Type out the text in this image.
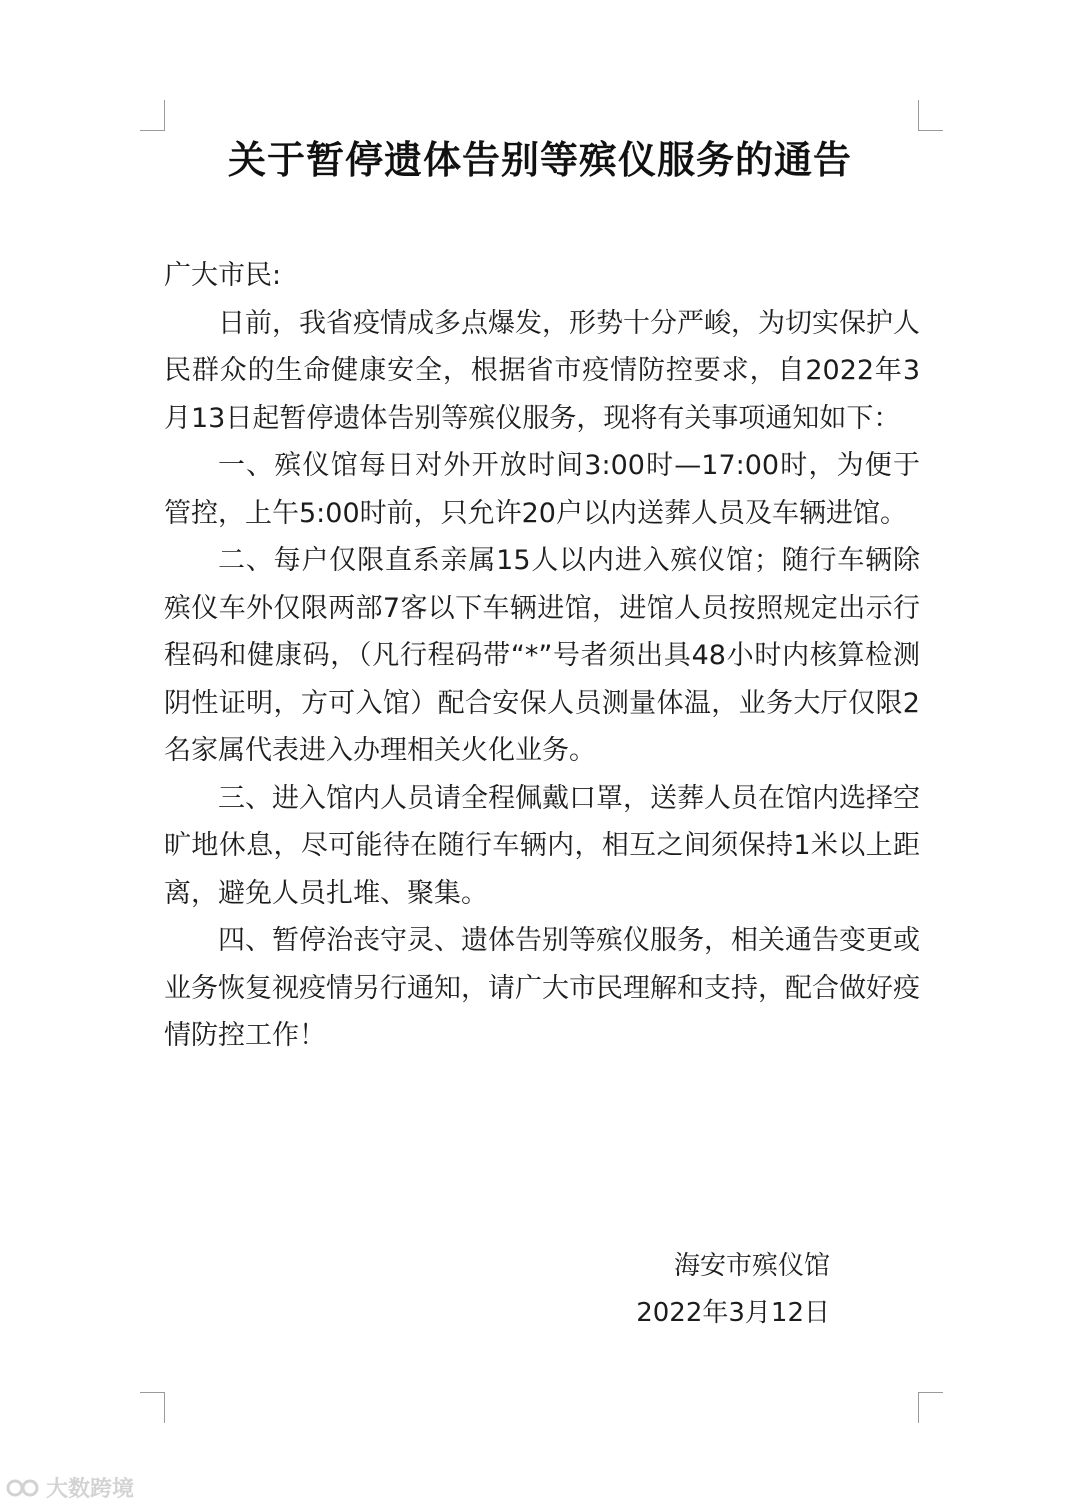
关于暂停遗体告别等殡仪服务的通告

广大市民:

日前，我省疫情成多点爆发，形势十分严峻，为切实保护人民群众的生命健康安全，根据省市疫情防控要求，自2022年3月13日起暂停遗体告别等殡仪服务，现将有关事项通知如下：

一、殡仪馆每日对外开放时间3:00时—17:00时，为便于管控，上午5:00时前，只允许20户以内送葬人员及车辆进馆。

二、每户仅限直系亲属15人以内进入殡仪馆；随行车辆除殡仪车外仅限两部7客以下车辆进馆，进馆人员按照规定出示行程码和健康码，（凡行程码带“*”号者须出具48小时内核算检测阴性证明，方可入馆）配合安保人员测量体温，业务大厅仅限2名家属代表进入办理相关火化业务。

三、进入馆内人员请全程佩戴口罩，送葬人员在馆内选择空旷地休息，尽可能待在随行车辆内，相互之间须保持1米以上距离，避免人员扎堆、聚集。

四、暂停治丧守灵、遗体告别等殡仪服务，相关通告变更或业务恢复视疫情另行通知，请广大市民理解和支持，配合做好疫情防控工作！

海安市殡仪馆
2022年3月12日
大数跨境
